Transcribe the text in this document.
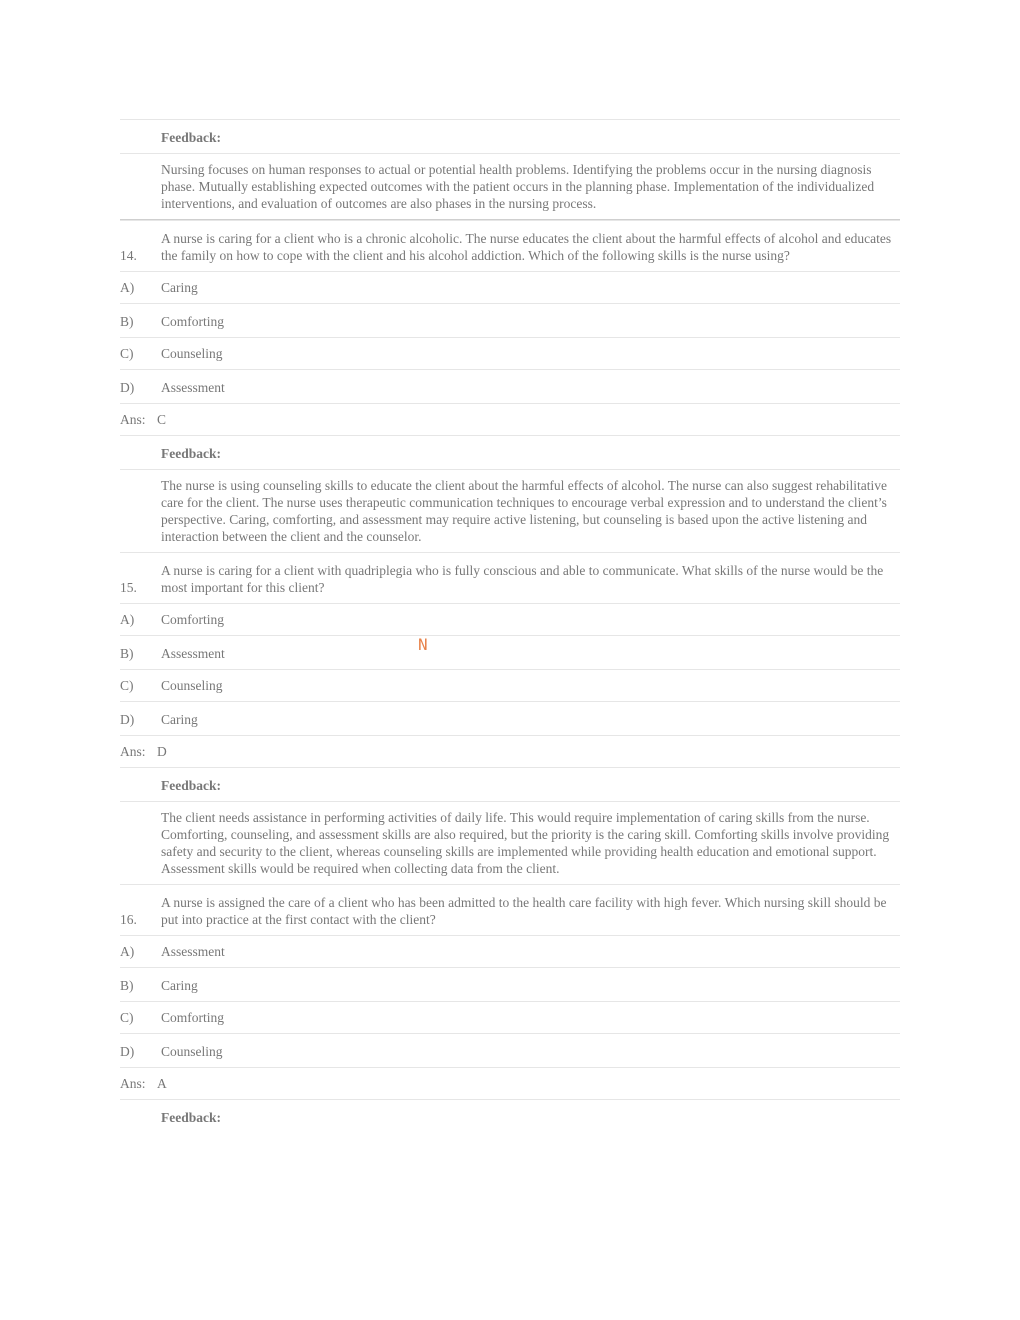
Feedback:
Nursing focuses on human responses to actual or potential health problems. Identifying the problems occur in the nursing diagnosis phase. Mutually establishing expected outcomes with the patient occurs in the planning phase. Implementation of the individualized interventions, and evaluation of outcomes are also phases in the nursing process.
14.
A nurse is caring for a client who is a chronic alcoholic. The nurse educates the client about the harmful effects of alcohol and educates the family on how to cope with the client and his alcohol addiction. Which of the following skills is the nurse using?
A)	Caring
B)	Comforting
C)	Counseling
D)	Assessment
Ans: C
Feedback:
The nurse is using counseling skills to educate the client about the harmful effects of alcohol. The nurse can also suggest rehabilitative care for the client. The nurse uses therapeutic communication techniques to encourage verbal expression and to understand the client’s perspective. Caring, comforting, and assessment may require active listening, but counseling is based upon the active listening and interaction between the client and the counselor.
15.
A nurse is caring for a client with quadriplegia who is fully conscious and able to communicate. What skills of the nurse would be the most important for this client?
A)	Comforting
B)	Assessment
C)	Counseling
D)	Caring
Ans: D
Feedback:
The client needs assistance in performing activities of daily life. This would require implementation of caring skills from the nurse. Comforting, counseling, and assessment skills are also required, but the priority is the caring skill. Comforting skills involve providing safety and security to the client, whereas counseling skills are implemented while providing health education and emotional support. Assessment skills would be required when collecting data from the client.
16.
A nurse is assigned the care of a client who has been admitted to the health care facility with high fever. Which nursing skill should be put into practice at the first contact with the client?
A)	Assessment
B)	Caring
C)	Comforting
D)	Counseling
Ans: A
Feedback:
N
